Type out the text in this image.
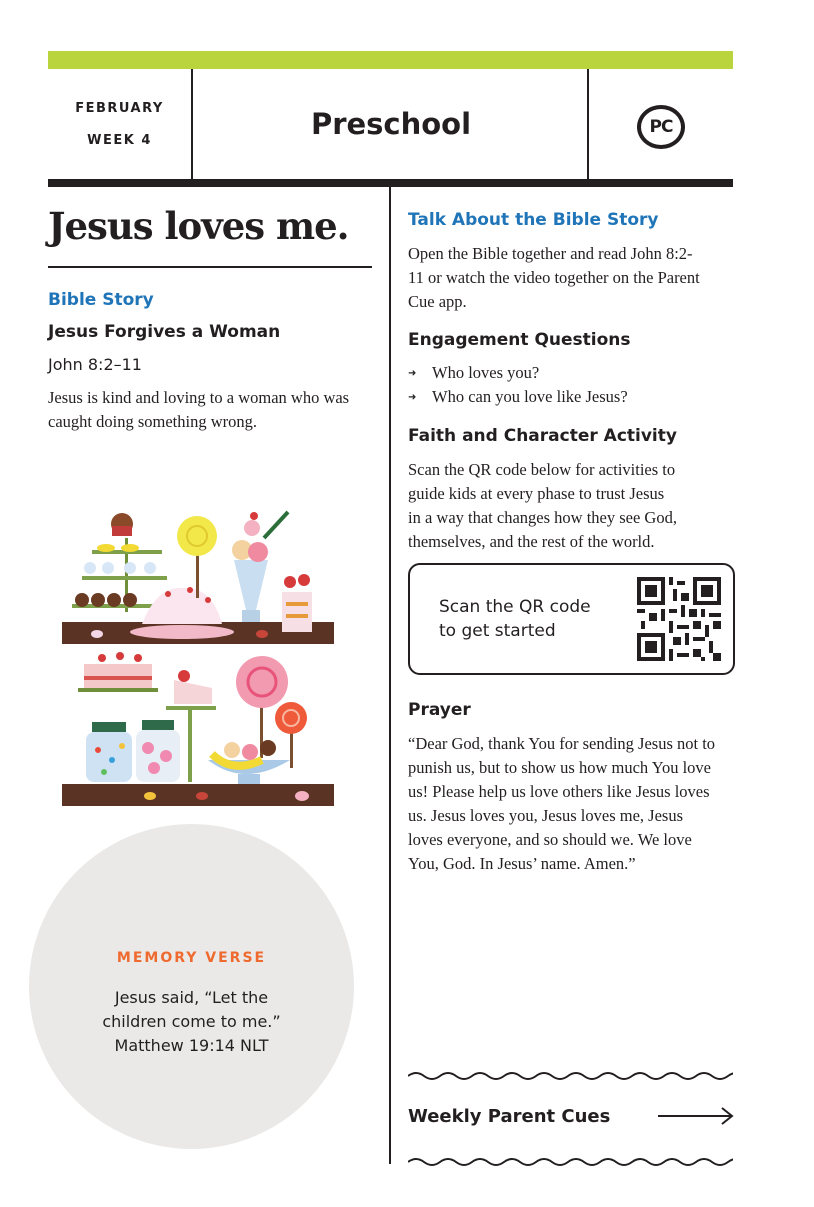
FEBRUARY
WEEK 4	Preschool	PC
Jesus loves me.
Bible Story
Jesus Forgives a Woman
John 8:2–11
Jesus is kind and loving to a woman who was
caught doing something wrong.
MEMORY VERSE
Jesus said, “Let the
children come to me.”
Matthew 19:14 NLT
Talk About the Bible Story
Open the Bible together and read John 8:2-
11 or watch the video together on the Parent
Cue app.
Engagement Questions
➜ Who loves you?
➜ Who can you love like Jesus?
Faith and Character Activity
Scan the QR code below for activities to
guide kids at every phase to trust Jesus
in a way that changes how they see God,
themselves, and the rest of the world.
Scan the QR code
to get started
Prayer
“Dear God, thank You for sending Jesus not to
punish us, but to show us how much You love
us! Please help us love others like Jesus loves
us. Jesus loves you, Jesus loves me, Jesus
loves everyone, and so should we. We love
You, God. In Jesus’ name. Amen.”
Weekly Parent Cues
